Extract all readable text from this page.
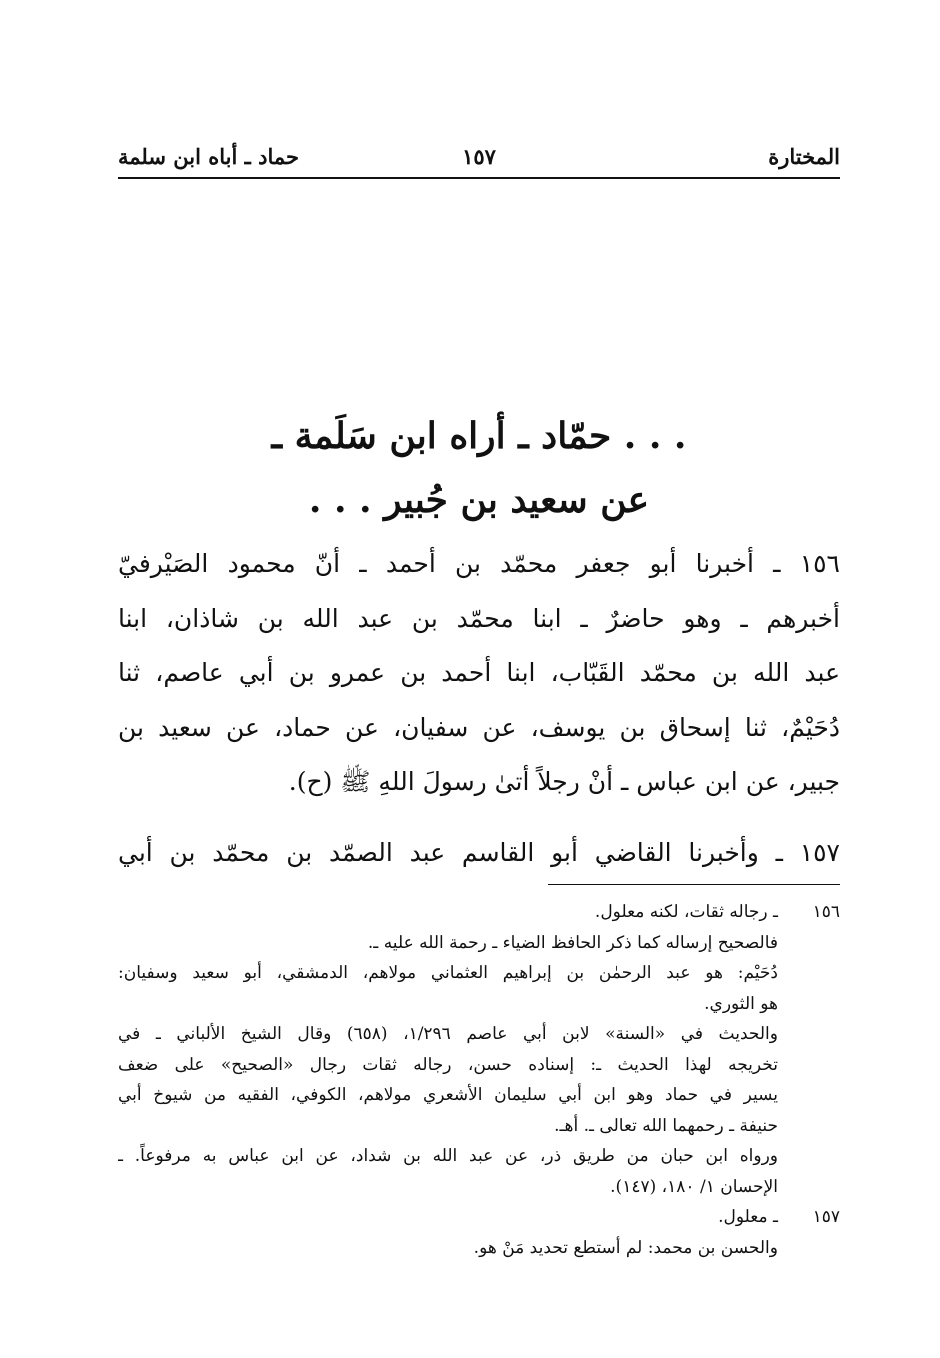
المختارة
١٥٧
حماد ـ أباه ابن سلمة
. . . حمّاد ـ أراه ابن سَلَمة ـ
عن سعيد بن جُبير . . .
١٥٦ ـ أخبرنا أبو جعفر محمّد بن أحمد ـ أنّ محمود الصَيْرفيّ
أخبرهم ـ وهو حاضرٌ ـ ابنا محمّد بن عبد الله بن شاذان، ابنا
عبد الله بن محمّد القَبّاب، ابنا أحمد بن عمرو بن أبي عاصم، ثنا
دُحَيْمٌ، ثنا إسحاق بن يوسف، عن سفيان، عن حماد، عن سعيد بن
جبير، عن ابن عباس ـ أنْ رجلاً أتىٰ رسولَ اللهِ ﷺ (ح).
١٥٧ ـ وأخبرنا القاضي أبو القاسم عبد الصمّد بن محمّد بن أبي
١٥٦ـ رجاله ثقات، لكنه معلول.
فالصحيح إرساله كما ذكر الحافظ الضياء ـ رحمة الله عليه ـ.
دُحَيْم: هو عبد الرحمٰن بن إبراهيم العثماني مولاهم، الدمشقي، أبو سعيد وسفيان:
هو الثوري.
والحديث في «السنة» لابن أبي عاصم ١/٢٩٦، (٦٥٨) وقال الشيخ الألباني ـ في
تخريجه لهذا الحديث ـ: إسناده حسن، رجاله ثقات رجال «الصحيح» على ضعف
يسير في حماد وهو ابن أبي سليمان الأشعري مولاهم، الكوفي، الفقيه من شيوخ أبي
حنيفة ـ رحمهما الله تعالى ـ. أهـ.
ورواه ابن حبان من طريق ذر، عن عبد الله بن شداد، عن ابن عباس به مرفوعاً. ـ
الإحسان ١/ ١٨٠، (١٤٧).
١٥٧ـ معلول.
والحسن بن محمد: لم أستطع تحديد مَنْ هو.
